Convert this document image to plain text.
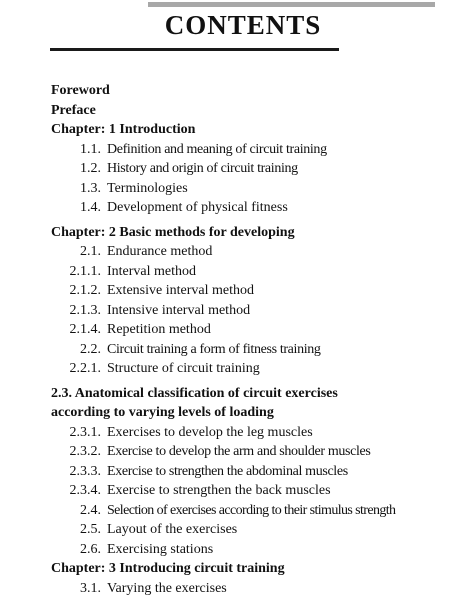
CONTENTS
Foreword
Preface
Chapter: 1 Introduction
1.1. Definition and meaning of circuit training
1.2. History and origin of circuit training
1.3. Terminologies
1.4. Development of physical fitness
Chapter: 2 Basic methods for developing
2.1. Endurance method
2.1.1. Interval method
2.1.2. Extensive interval method
2.1.3. Intensive interval method
2.1.4. Repetition method
2.2. Circuit training a form of fitness training
2.2.1. Structure of circuit training
2.3. Anatomical classification of circuit exercises
according to varying levels of loading
2.3.1. Exercises to develop the leg muscles
2.3.2. Exercise to develop the arm and shoulder muscles
2.3.3. Exercise to strengthen the abdominal muscles
2.3.4. Exercise to strengthen the back muscles
2.4. Selection of exercises according to their stimulus strength
2.5. Layout of the exercises
2.6. Exercising stations
Chapter: 3 Introducing circuit training
3.1. Varying the exercises
